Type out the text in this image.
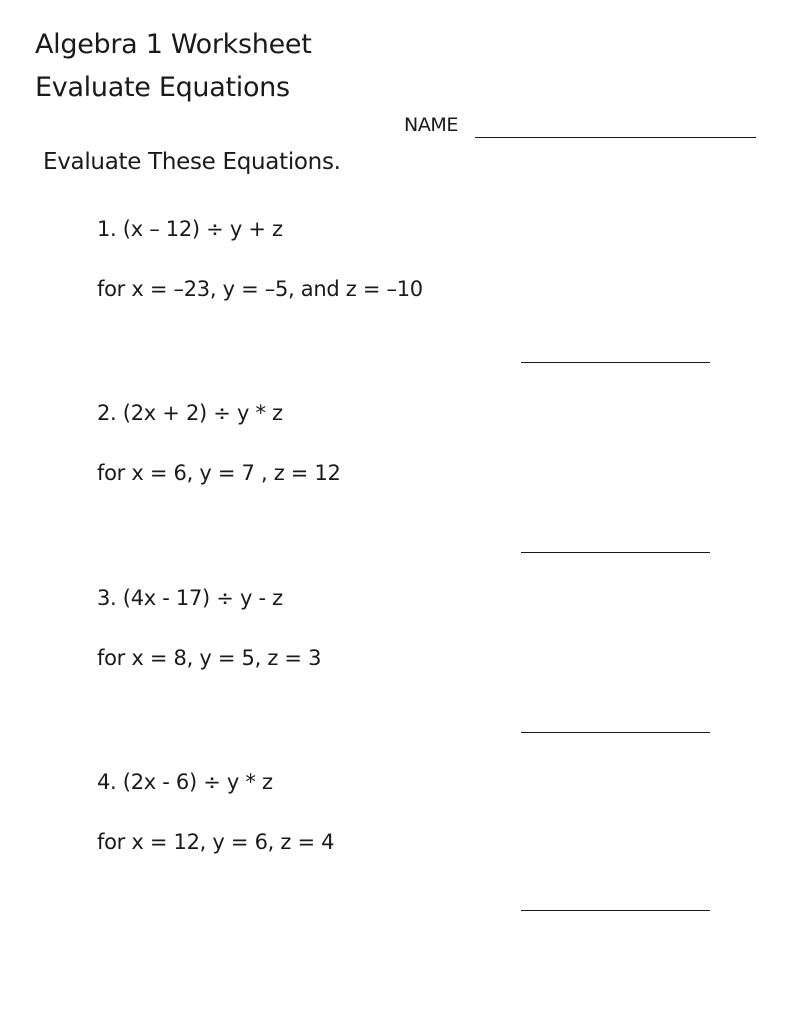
Algebra 1 Worksheet
Evaluate Equations
NAME
Evaluate These Equations.
1. (x – 12) ÷ y + z
for x = –23, y = –5, and z = –10
2. (2x + 2) ÷ y * z
for x = 6, y = 7 , z = 12
3. (4x - 17) ÷ y - z
for x = 8, y = 5, z = 3
4. (2x - 6) ÷ y * z
for x = 12, y = 6, z = 4
